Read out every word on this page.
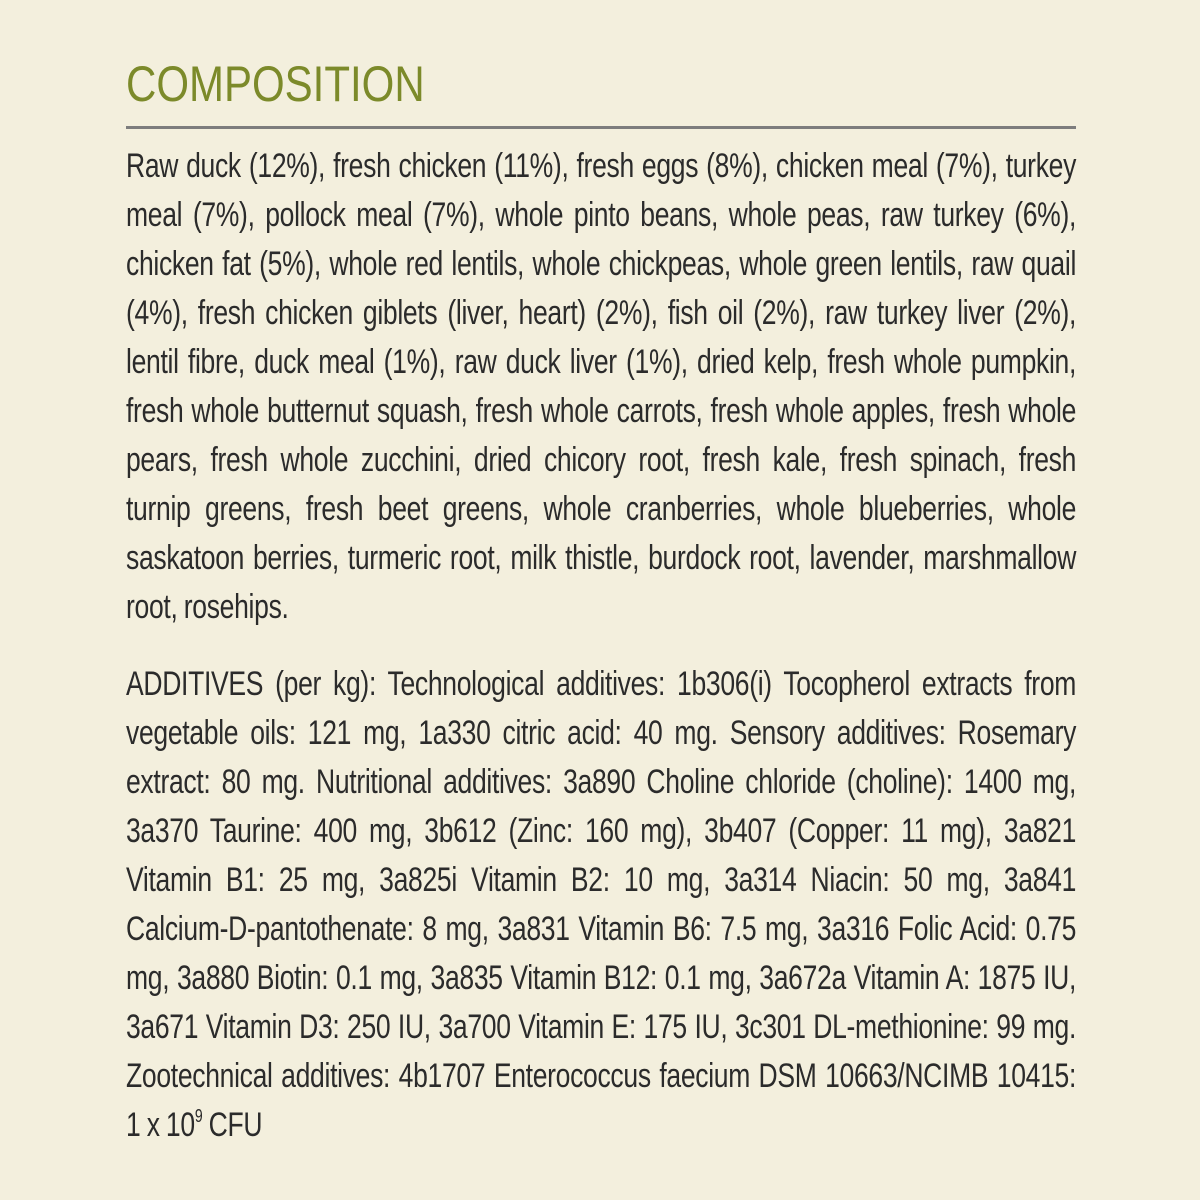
COMPOSITION

Raw duck (12%), fresh chicken (11%), fresh eggs (8%), chicken meal (7%), turkey meal (7%), pollock meal (7%), whole pinto beans, whole peas, raw turkey (6%), chicken fat (5%), whole red lentils, whole chickpeas, whole green lentils, raw quail (4%), fresh chicken giblets (liver, heart) (2%), fish oil (2%), raw turkey liver (2%), lentil fibre, duck meal (1%), raw duck liver (1%), dried kelp, fresh whole pumpkin, fresh whole butternut squash, fresh whole carrots, fresh whole apples, fresh whole pears, fresh whole zucchini, dried chicory root, fresh kale, fresh spinach, fresh turnip greens, fresh beet greens, whole cranberries, whole blueberries, whole saskatoon berries, turmeric root, milk thistle, burdock root, lavender, marshmallow root, rosehips.

ADDITIVES (per kg): Technological additives: 1b306(i) Tocopherol extracts from vegetable oils: 121 mg, 1a330 citric acid: 40 mg. Sensory additives: Rosemary extract: 80 mg. Nutritional additives: 3a890 Choline chloride (choline): 1400 mg, 3a370 Taurine: 400 mg, 3b612 (Zinc: 160 mg), 3b407 (Copper: 11 mg), 3a821 Vitamin B1: 25 mg, 3a825i Vitamin B2: 10 mg, 3a314 Niacin: 50 mg, 3a841 Calcium-D-pantothenate: 8 mg, 3a831 Vitamin B6: 7.5 mg, 3a316 Folic Acid: 0.75 mg, 3a880 Biotin: 0.1 mg, 3a835 Vitamin B12: 0.1 mg, 3a672a Vitamin A: 1875 IU, 3a671 Vitamin D3: 250 IU, 3a700 Vitamin E: 175 IU, 3c301 DL-methionine: 99 mg. Zootechnical additives: 4b1707 Enterococcus faecium DSM 10663/NCIMB 10415: 1 x $10^9$ CFU
